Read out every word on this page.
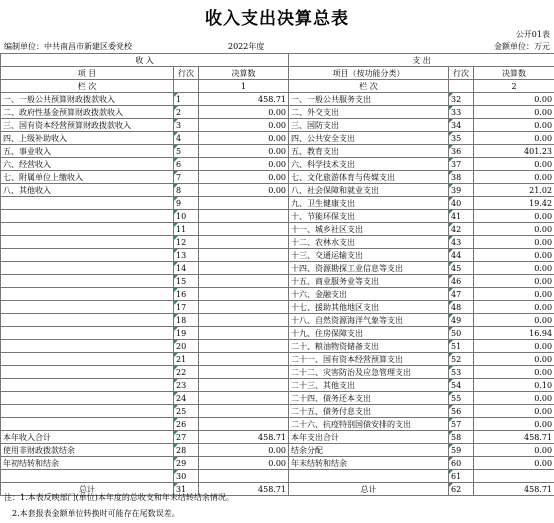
收入支出决算总表
公开01表
编制单位：中共南昌市新建区委党校	2022年度	金额单位：万元
收 入			支 出		
项 目	行次	决算数	项目（按功能分类）	行次	决算数
栏 次		1	栏 次		2
一、一般公共预算财政拨款收入	1	458.71	一、一般公共服务支出	32	0.00
二、政府性基金预算财政拨款收入	2	0.00	二、外交支出	33	0.00
三、国有资本经营预算财政拨款收入	3	0.00	三、国防支出	34	0.00
四、上级补助收入	4	0.00	四、公共安全支出	35	0.00
五、事业收入	5	0.00	五、教育支出	36	401.23
六、经营收入	6	0.00	六、科学技术支出	37	0.00
七、附属单位上缴收入	7	0.00	七、文化旅游体育与传媒支出	38	0.00
八、其他收入	8	0.00	八、社会保障和就业支出	39	21.02
	9		九、卫生健康支出	40	19.42
	10		十、节能环保支出	41	0.00
	11		十一、城乡社区支出	42	0.00
	12		十二、农林水支出	43	0.00
	13		十三、交通运输支出	44	0.00
	14		十四、资源勘探工业信息等支出	45	0.00
	15		十五、商业服务业等支出	46	0.00
	16		十六、金融支出	47	0.00
	17		十七、援助其他地区支出	48	0.00
	18		十八、自然资源海洋气象等支出	49	0.00
	19		十九、住房保障支出	50	16.94
	20		二十、粮油物资储备支出	51	0.00
	21		二十一、国有资本经营预算支出	52	0.00
	22		二十二、灾害防治及应急管理支出	53	0.00
	23		二十三、其他支出	54	0.10
	24		二十四、债务还本支出	55	0.00
	25		二十五、债务付息支出	56	0.00
	26		二十六、抗疫特别国债安排的支出	57	0.00
本年收入合计	27	458.71	本年支出合计	58	458.71
使用非财政拨款结余	28	0.00	结余分配	59	0.00
年初结转和结余	29	0.00	年末结转和结余	60	0.00
	30			61	
总计	31	458.71	总计	62	458.71
注：1.本表反映部门(单位)本年度的总收支和年末结转结余情况。
2.本套报表金额单位转换时可能存在尾数误差。
